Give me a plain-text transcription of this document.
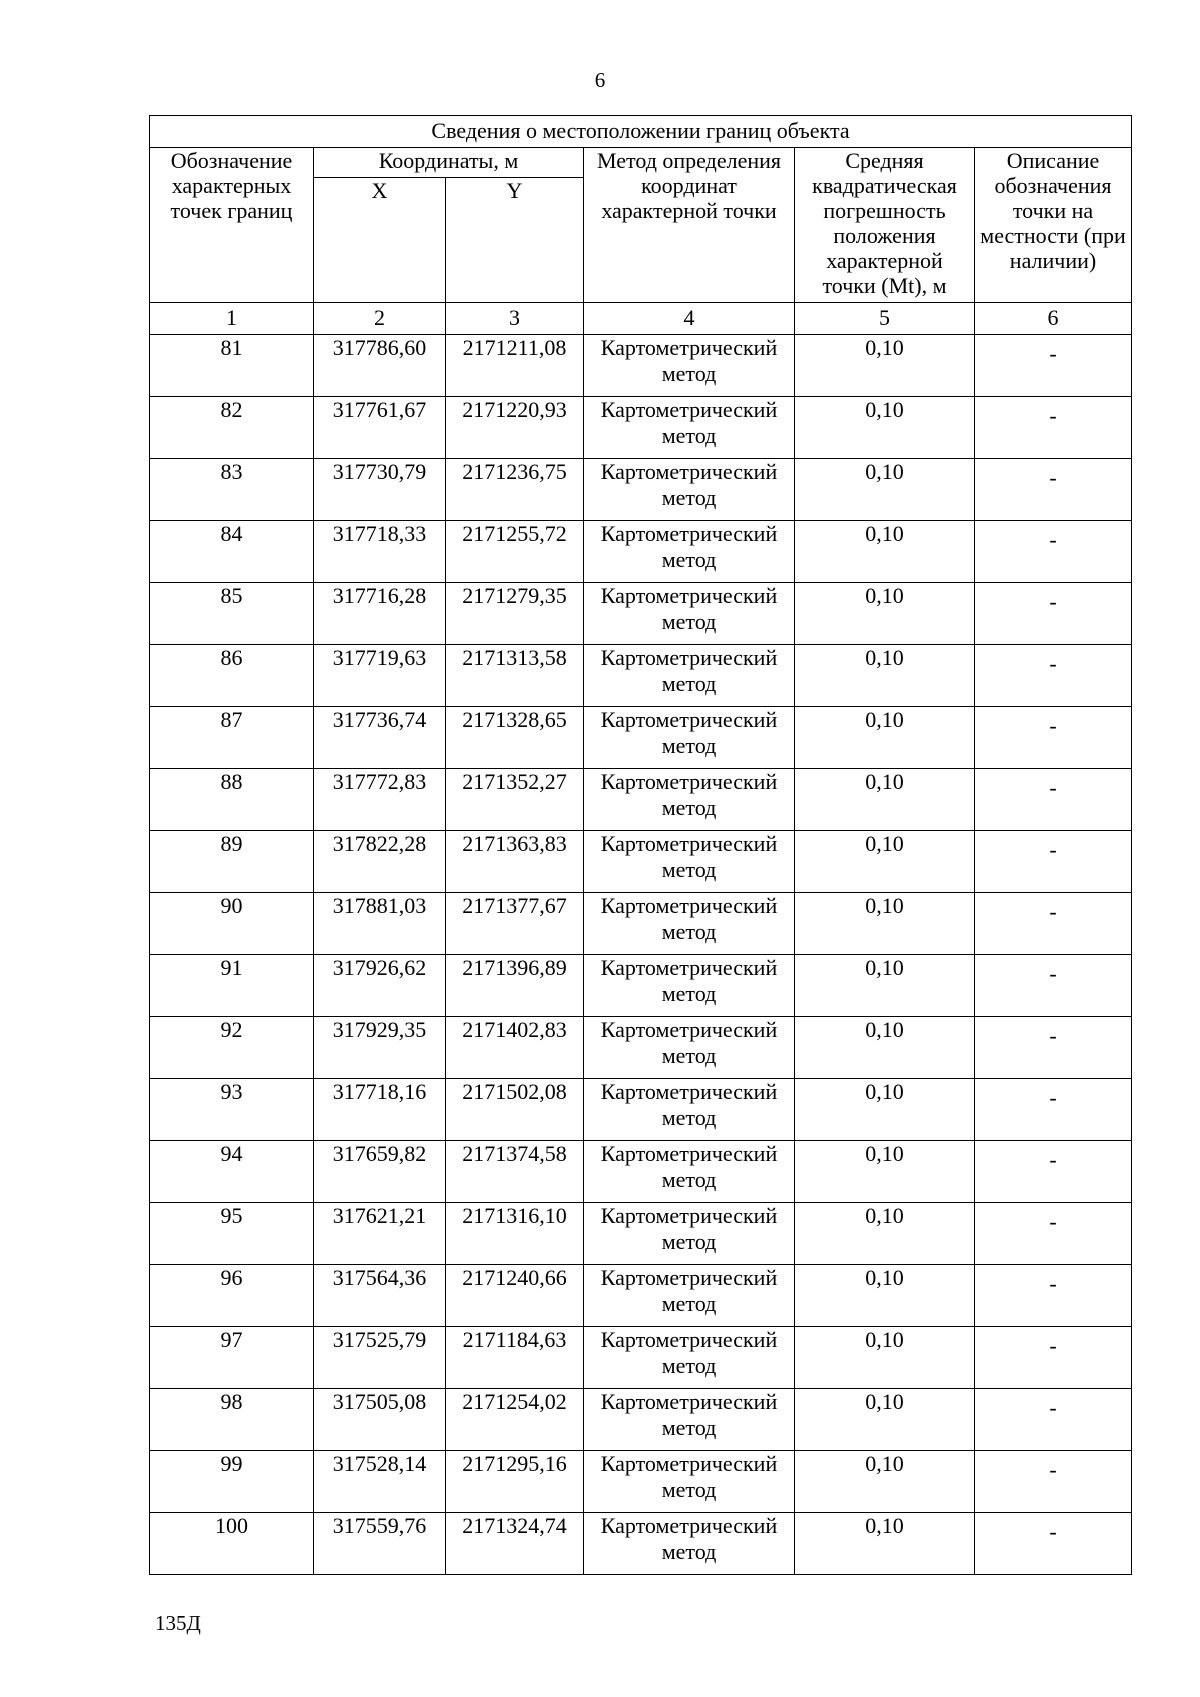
6
Сведения о местоположении границ объекта					
Обозначение характерных точек границ	Координаты, м		Метод определения координат характерной точки	Средняя квадратическая погрешность положения характерной точки (Mt), м	Описание обозначения точки на местности (при наличии)
	X	Y			
1	2	3	4	5	6
81	317786,60	2171211,08	Картометрический метод	0,10	-
82	317761,67	2171220,93	Картометрический метод	0,10	-
83	317730,79	2171236,75	Картометрический метод	0,10	-
84	317718,33	2171255,72	Картометрический метод	0,10	-
85	317716,28	2171279,35	Картометрический метод	0,10	-
86	317719,63	2171313,58	Картометрический метод	0,10	-
87	317736,74	2171328,65	Картометрический метод	0,10	-
88	317772,83	2171352,27	Картометрический метод	0,10	-
89	317822,28	2171363,83	Картометрический метод	0,10	-
90	317881,03	2171377,67	Картометрический метод	0,10	-
91	317926,62	2171396,89	Картометрический метод	0,10	-
92	317929,35	2171402,83	Картометрический метод	0,10	-
93	317718,16	2171502,08	Картометрический метод	0,10	-
94	317659,82	2171374,58	Картометрический метод	0,10	-
95	317621,21	2171316,10	Картометрический метод	0,10	-
96	317564,36	2171240,66	Картометрический метод	0,10	-
97	317525,79	2171184,63	Картометрический метод	0,10	-
98	317505,08	2171254,02	Картометрический метод	0,10	-
99	317528,14	2171295,16	Картометрический метод	0,10	-
100	317559,76	2171324,74	Картометрический метод	0,10	-
135Д
